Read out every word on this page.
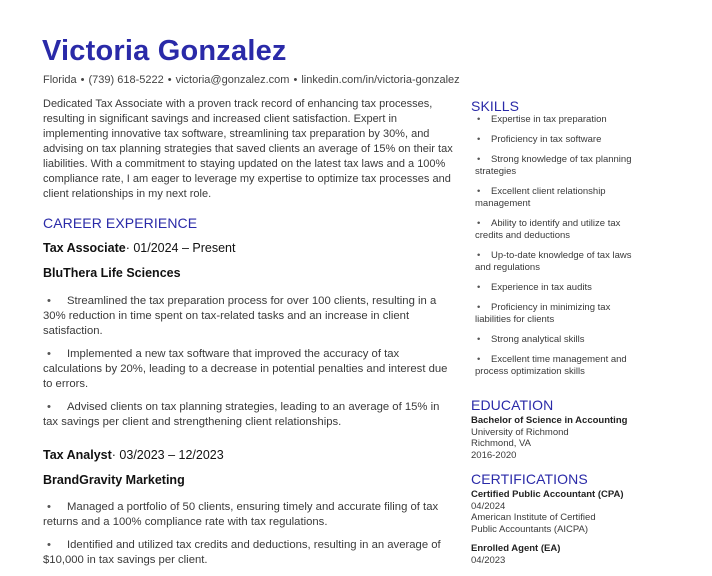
Victoria Gonzalez
Florida • (739) 618-5222 • victoria@gonzalez.com • linkedin.com/in/victoria-gonzalez

Dedicated Tax Associate with a proven track record of enhancing tax processes, resulting in significant savings and increased client satisfaction. Expert in implementing innovative tax software, streamlining tax preparation by 30%, and advising on tax planning strategies that saved clients an average of 15% on their tax liabilities. With a commitment to staying updated on the latest tax laws and a 100% compliance rate, I am eager to leverage my expertise to optimize tax processes and client relationships in my next role.

CAREER EXPERIENCE
Tax Associate· 01/2024 – Present
BluThera Life Sciences
• Streamlined the tax preparation process for over 100 clients, resulting in a 30% reduction in time spent on tax-related tasks and an increase in client satisfaction.
• Implemented a new tax software that improved the accuracy of tax calculations by 20%, leading to a decrease in potential penalties and interest due to errors.
• Advised clients on tax planning strategies, leading to an average of 15% in tax savings per client and strengthening client relationships.
Tax Analyst· 03/2023 – 12/2023
BrandGravity Marketing
• Managed a portfolio of 50 clients, ensuring timely and accurate filing of tax returns and a 100% compliance rate with tax regulations.
• Identified and utilized tax credits and deductions, resulting in an average of $10,000 in tax savings per client.
SKILLS
• Expertise in tax preparation
• Proficiency in tax software
• Strong knowledge of tax planning strategies
• Excellent client relationship management
• Ability to identify and utilize tax credits and deductions
• Up-to-date knowledge of tax laws and regulations
• Experience in tax audits
• Proficiency in minimizing tax liabilities for clients
• Strong analytical skills
• Excellent time management and process optimization skills
EDUCATION
Bachelor of Science in Accounting
University of Richmond
Richmond, VA
2016-2020
CERTIFICATIONS
Certified Public Accountant (CPA)
04/2024
American Institute of Certified Public Accountants (AICPA)
Enrolled Agent (EA)
04/2023
